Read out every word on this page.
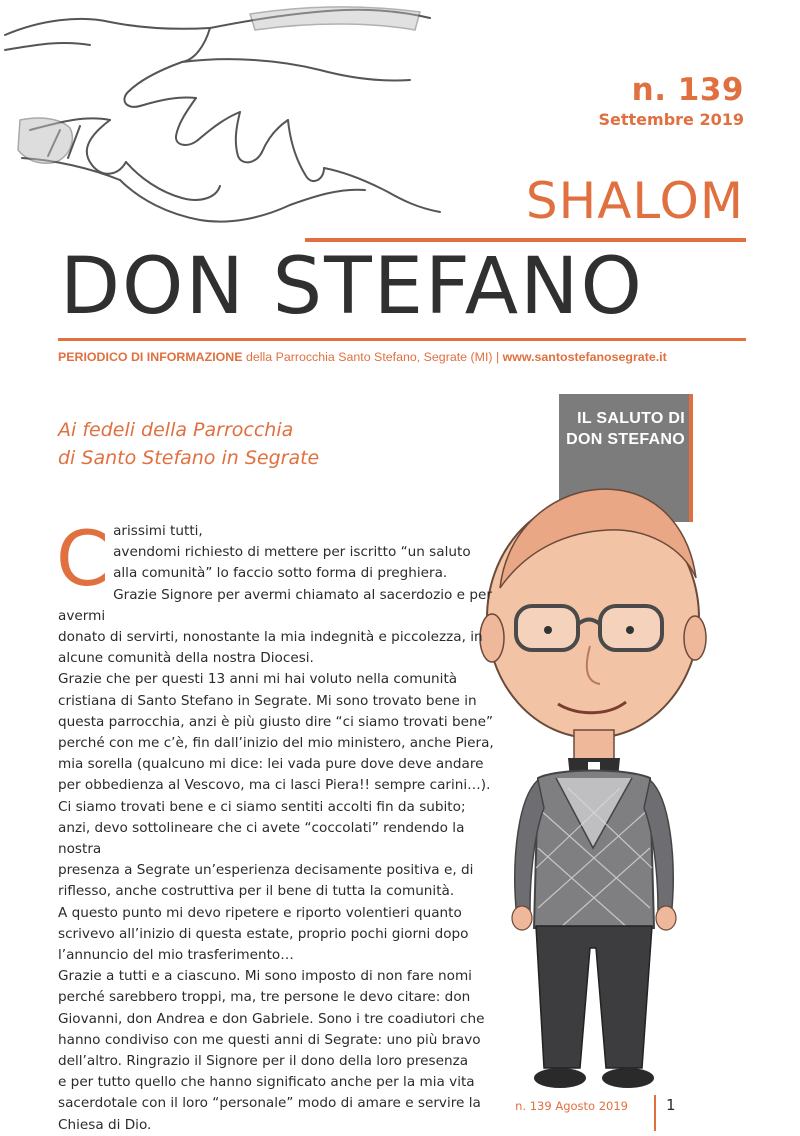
n. 139
Settembre 2019
SHALOM
DON STEFANO
PERIODICO DI INFORMAZIONE della Parrocchia Santo Stefano, Segrate (MI) | www.santostefanosegrate.it
Ai fedeli della Parrocchia
di Santo Stefano in Segrate
IL SALUTO DI
DON STEFANO
C arissimi tutti,
avendomi richiesto di mettere per iscritto “un saluto
alla comunità” lo faccio sotto forma di preghiera.

Grazie Signore per avermi chiamato al sacerdozio e per avermi
donato di servirti, nonostante la mia indegnità e piccolezza, in
alcune comunità della nostra Diocesi.

Grazie che per questi 13 anni mi hai voluto nella comunità
cristiana di Santo Stefano in Segrate. Mi sono trovato bene in
questa parrocchia, anzi è più giusto dire “ci siamo trovati bene”
perché con me c’è, fin dall’inizio del mio ministero, anche Piera,
mia sorella (qualcuno mi dice: lei vada pure dove deve andare
per obbedienza al Vescovo, ma ci lasci Piera!! sempre carini…).

Ci siamo trovati bene e ci siamo sentiti accolti fin da subito;
anzi, devo sottolineare che ci avete “coccolati” rendendo la nostra
presenza a Segrate un’esperienza decisamente positiva e, di
riflesso, anche costruttiva per il bene di tutta la comunità.

A questo punto mi devo ripetere e riporto volentieri quanto
scrivevo all’inizio di questa estate, proprio pochi giorni dopo
l’annuncio del mio trasferimento…

Grazie a tutti e a ciascuno. Mi sono imposto di non fare nomi
perché sarebbero troppi, ma, tre persone le devo citare: don
Giovanni, don Andrea e don Gabriele. Sono i tre coadiutori che
hanno condiviso con me questi anni di Segrate: uno più bravo
dell’altro. Ringrazio il Signore per il dono della loro presenza
e per tutto quello che hanno significato anche per la mia vita
sacerdotale con il loro “personale” modo di amare e servire la
Chiesa di Dio.

n. 139 Agosto 2019	1
